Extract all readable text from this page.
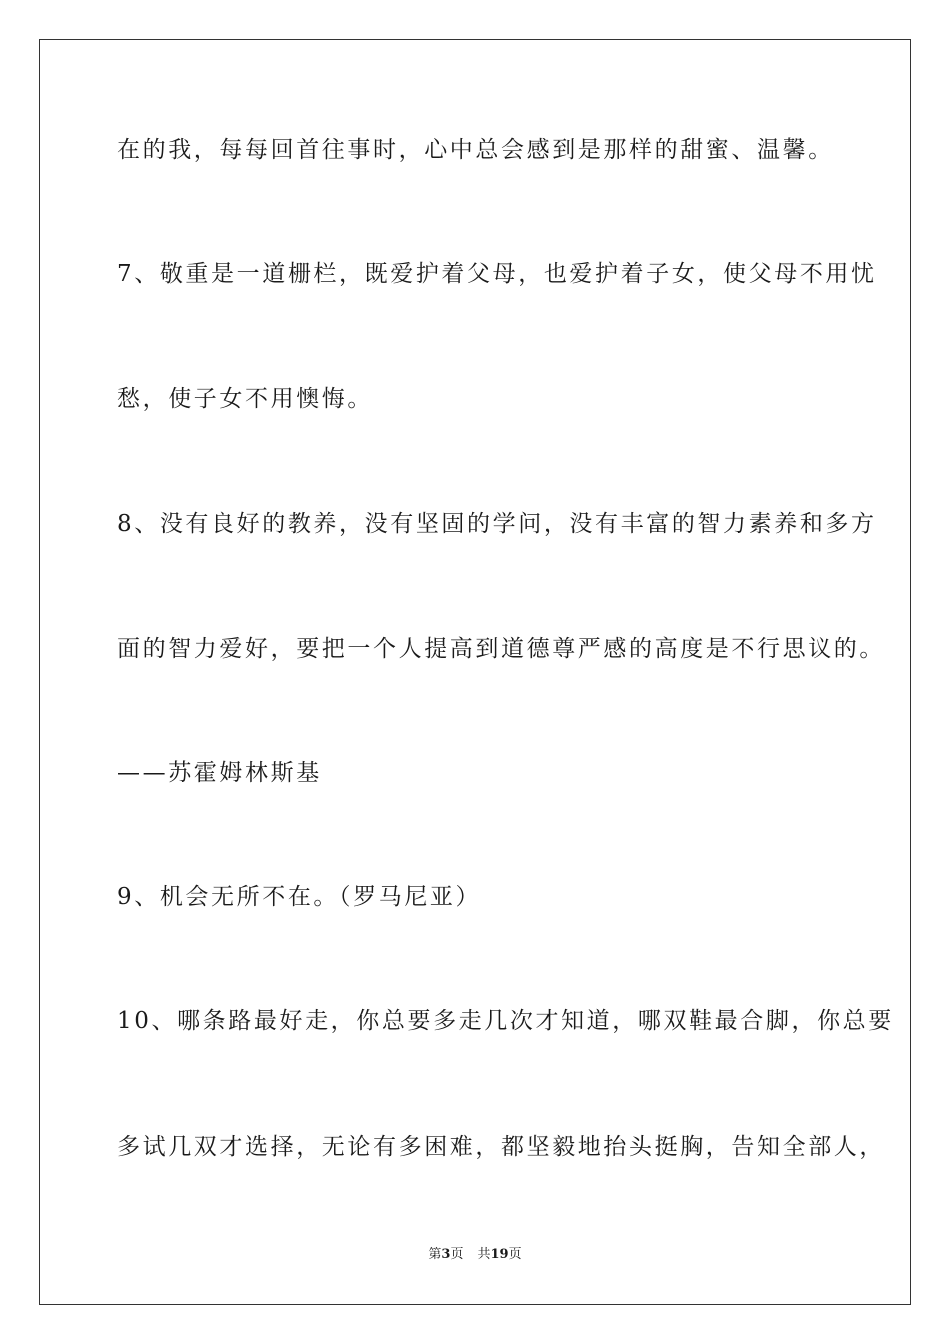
在的我，每每回首往事时，心中总会感到是那样的甜蜜、温馨。
7、敬重是一道栅栏，既爱护着父母，也爱护着子女，使父母不用忧
愁，使子女不用懊悔。
8、没有良好的教养，没有坚固的学问，没有丰富的智力素养和多方
面的智力爱好，要把一个人提高到道德尊严感的高度是不行思议的。
——苏霍姆林斯基
9、机会无所不在。（罗马尼亚）
10、哪条路最好走，你总要多走几次才知道，哪双鞋最合脚，你总要
多试几双才选择，无论有多困难，都坚毅地抬头挺胸，告知全部人，
第3页 共19页
